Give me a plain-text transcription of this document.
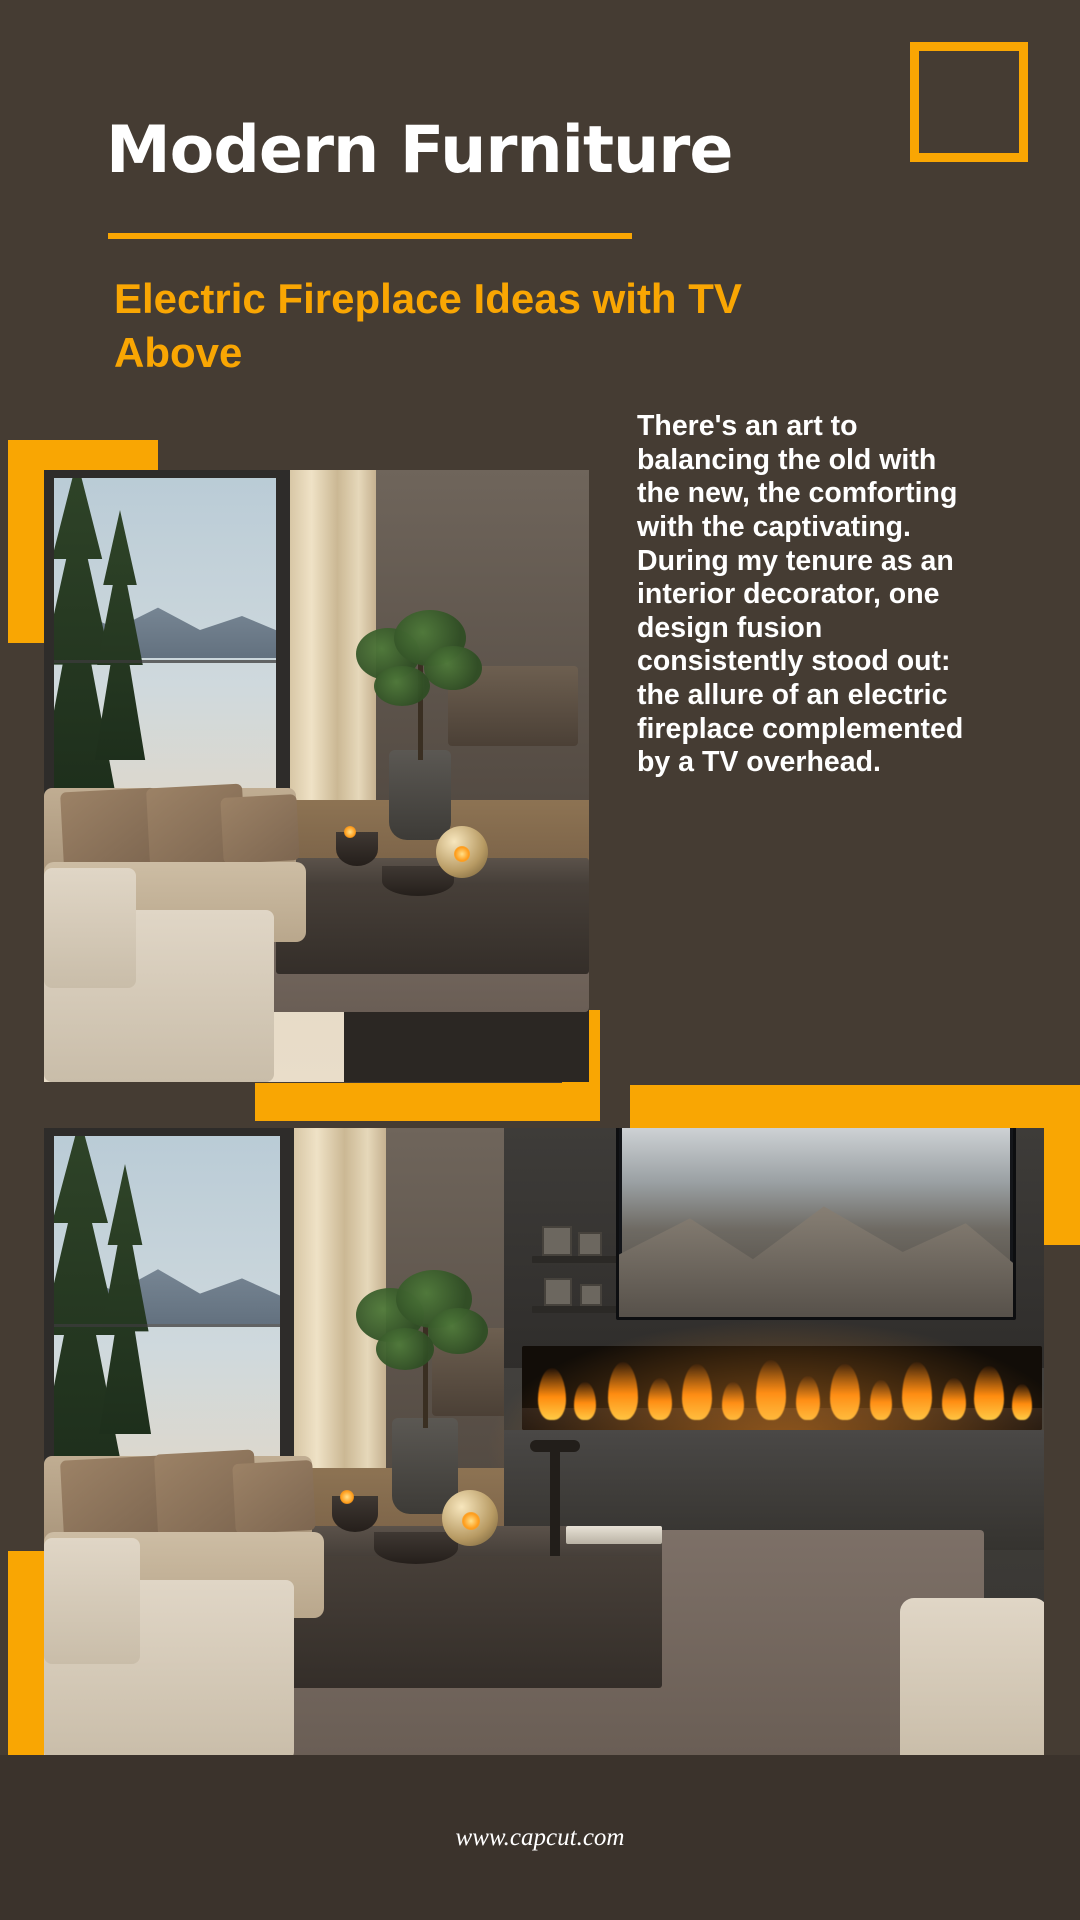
Modern Furniture
Electric Fireplace Ideas with TV Above

There's an art to balancing the old with the new, the comforting with the captivating. During my tenure as an interior decorator, one design fusion consistently stood out: the allure of an electric fireplace complemented by a TV overhead.

www.capcut.com
